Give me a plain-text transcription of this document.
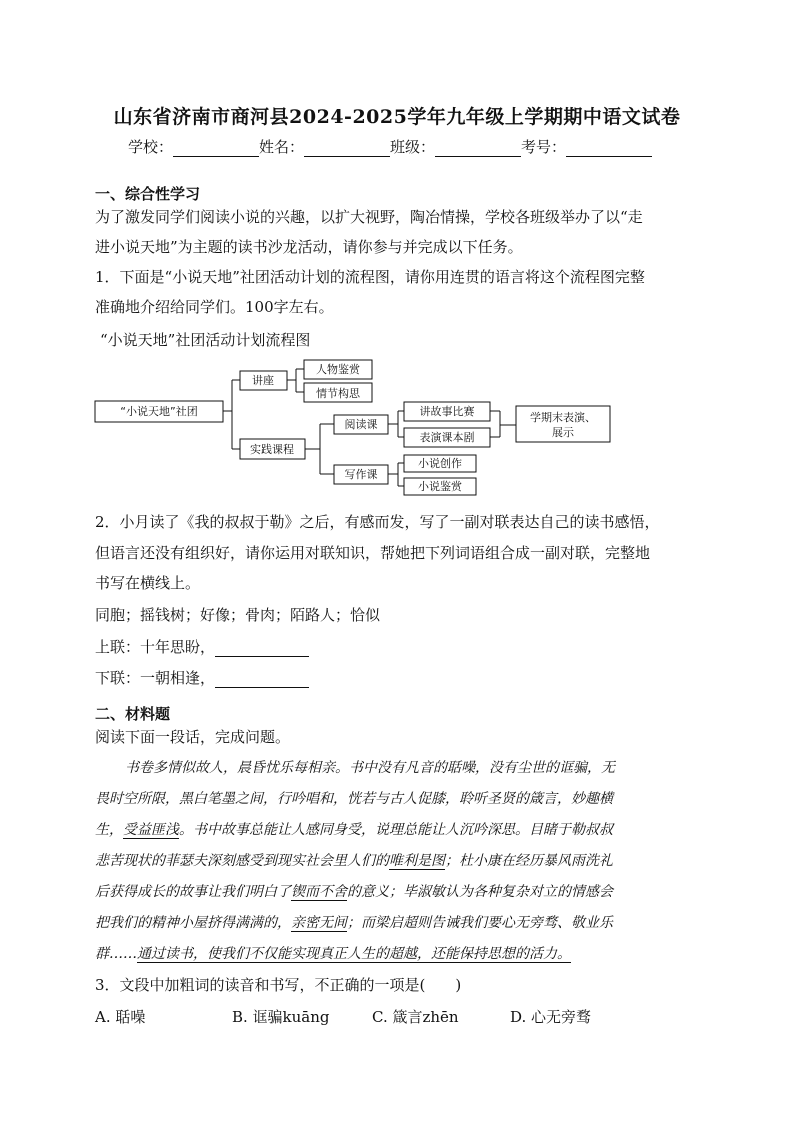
山东省济南市商河县2024-2025学年九年级上学期期中语文试卷
学校：	姓名：	班级：	考号：
一、综合性学习
为了激发同学们阅读小说的兴趣，以扩大视野，陶冶情操，学校各班级举办了以“走
进小说天地”为主题的读书沙龙活动，请你参与并完成以下任务。
1．下面是“小说天地”社团活动计划的流程图，请你用连贯的语言将这个流程图完整
准确地介绍给同学们。100字左右。
“小说天地”社团活动计划流程图
“小说天地”社团
讲座
人物鉴赏
情节构思
实践课程
阅读课
写作课
讲故事比赛
表演课本剧
小说创作
小说鉴赏
学期末表演、
展示
2．小月读了《我的叔叔于勒》之后，有感而发，写了一副对联表达自己的读书感悟，
但语言还没有组织好，请你运用对联知识，帮她把下列词语组合成一副对联，完整地
书写在横线上。
同胞；摇钱树；好像；骨肉；陌路人；恰似
上联：十年思盼，
下联：一朝相逢，
二、材料题
阅读下面一段话，完成问题。
书卷多情似故人，晨昏忧乐每相亲。书中没有凡音的聒噪，没有尘世的诓骗，无
畏时空所限，黑白笔墨之间，行吟唱和，恍若与古人促膝，聆听圣贤的箴言，妙趣横
生，受益匪浅。书中故事总能让人感同身受，说理总能让人沉吟深思。目睹于勒叔叔
悲苦现状的菲瑟夫深刻感受到现实社会里人们的唯利是图；杜小康在经历暴风雨洗礼
后获得成长的故事让我们明白了锲而不舍的意义；毕淑敏认为各种复杂对立的情感会
把我们的精神小屋挤得满满的，亲密无间；而梁启超则告诫我们要心无旁骛、敬业乐
群……通过读书，使我们不仅能实现真正人生的超越，还能保持思想的活力。
3．文段中加粗词的读音和书写，不正确的一项是(　　)
A. 聒噪	B. 诓骗kuāng	C. 箴言zhēn	D. 心无旁骛
